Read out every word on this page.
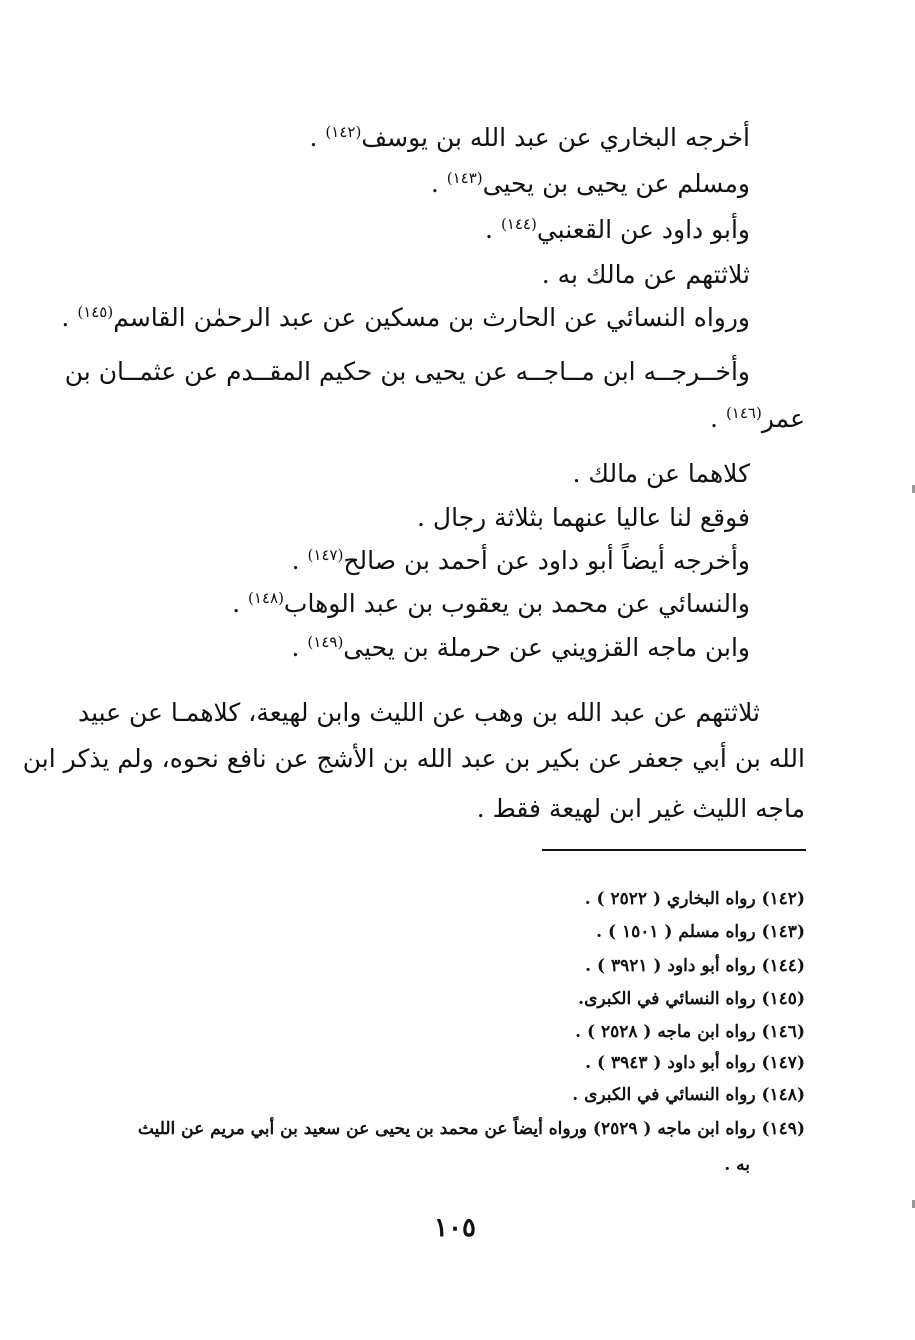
أخرجه البخاري عن عبد الله بن يوسف$^{(١٤٢)}$ .
ومسلم عن يحيى بن يحيى$^{(١٤٣)}$ .
وأبو داود عن القعنبي$^{(١٤٤)}$ .
ثلاثتهم عن مالك به .
ورواه النسائي عن الحارث بن مسكين عن عبد الرحمٰن القاسم$^{(١٤٥)}$ .
وأخــرجــه ابن مــاجــه عن يحيى بن حكيم المقــدم عن عثمــان بن
عمر$^{(١٤٦)}$ .
كلاهما عن مالك .
فوقع لنا عاليا عنهما بثلاثة رجال .
وأخرجه أيضاً أبو داود عن أحمد بن صالح$^{(١٤٧)}$ .
والنسائي عن محمد بن يعقوب بن عبد الوهاب$^{(١٤٨)}$ .
وابن ماجه القزويني عن حرملة بن يحيى$^{(١٤٩)}$ .
ثلاثتهم عن عبد الله بن وهب عن الليث وابن لهيعة، كلاهمـا عن عبيد
الله بن أبي جعفر عن بكير بن عبد الله بن الأشج عن نافع نحوه، ولم يذكر ابن
ماجه الليث غير ابن لهيعة فقط .
(١٤٢) رواه البخاري ( ٢٥٢٢ ) .
(١٤٣) رواه مسلم ( ١٥٠١ ) .
(١٤٤) رواه أبو داود ( ٣٩٢١ ) .
(١٤٥) رواه النسائي في الكبرى.
(١٤٦) رواه ابن ماجه ( ٢٥٢٨ ) .
(١٤٧) رواه أبو داود ( ٣٩٤٣ ) .
(١٤٨) رواه النسائي في الكبرى .
(١٤٩) رواه ابن ماجه ( ٢٥٢٩) ورواه أيضاً عن محمد بن يحيى عن سعيد بن أبي مريم عن الليث
به .
١٠٥
